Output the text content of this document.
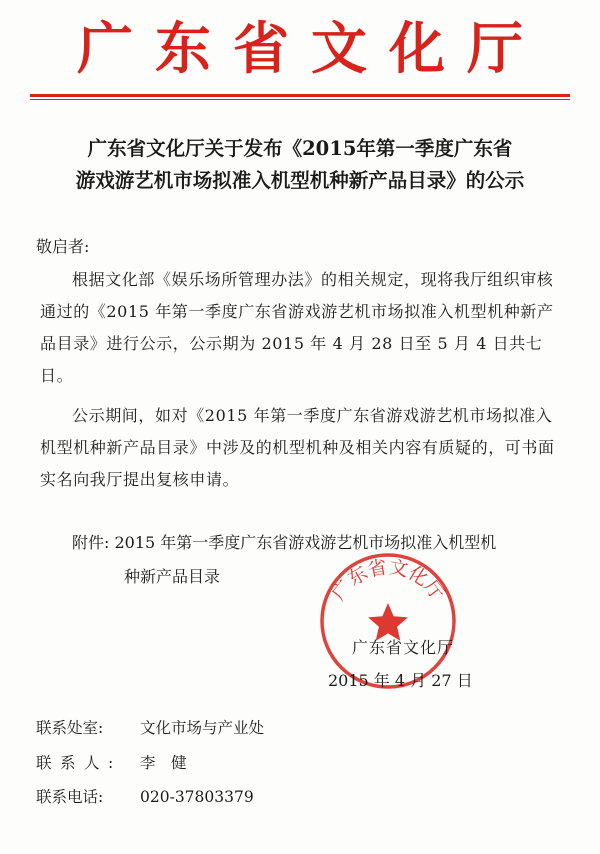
广东省文化厅
广东省文化厅关于发布《2015年第一季度广东省
游戏游艺机市场拟准入机型机种新产品目录》的公示
敬启者:
根据文化部《娱乐场所管理办法》的相关规定，现将我厅组织审核通过的《2015 年第一季度广东省游戏游艺机市场拟准入机型机种新产品目录》进行公示，公示期为 2015 年 4 月 28 日至 5 月 4 日共七日。
公示期间，如对《2015 年第一季度广东省游戏游艺机市场拟准入机型机种新产品目录》中涉及的机型机种及相关内容有质疑的，可书面实名向我厅提出复核申请。
附件: 2015 年第一季度广东省游戏游艺机市场拟准入机型机
种新产品目录	广东省文化厅
广东省文化厅
2015 年 4 月 27 日
联系处室: 文化市场与产业处
联系人: 李　健
联系电话: 020-37803379
